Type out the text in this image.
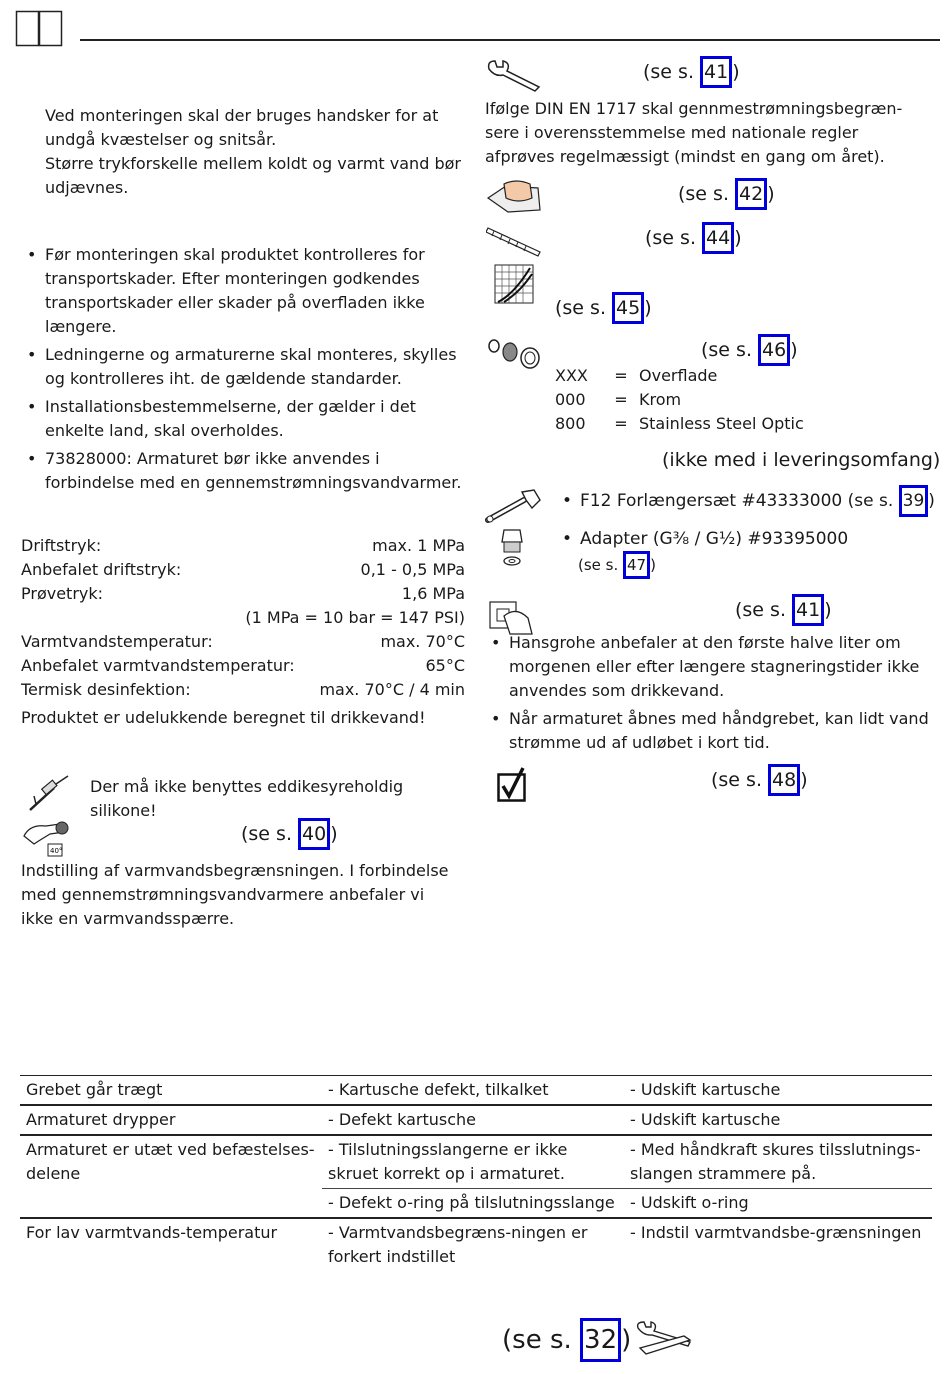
Ved monteringen skal der bruges handsker for at
undgå kvæstelser og snitsår.
Større trykforskelle mellem koldt og varmt vand bør
udjævnes.
• Før monteringen skal produktet kontrolleres for transportskader. Efter monteringen godkendes transportskader eller skader på overfladen ikke længere.
• Ledningerne og armaturerne skal monteres, skylles og kontrolleres iht. de gældende standarder.
• Installationsbestemmelserne, der gælder i det enkelte land, skal overholdes.
• 73828000: Armaturet bør ikke anvendes i forbindelse med en gennemstrømningsvandvarmer.
Driftstryk:	max. 1 MPa
Anbefalet driftstryk:	0,1 - 0,5 MPa
Prøvetryk:	1,6 MPa
(1 MPa = 10 bar = 147 PSI)
Varmtvandstemperatur:	max. 70°C
Anbefalet varmtvandstemperatur:	65°C
Termisk desinfektion:	max. 70°C / 4 min
Produktet er udelukkende beregnet til drikkevand!
Der må ikke benyttes eddikesyreholdig silikone!
40°
(se s. 40 )
Indstilling af varmvandsbegrænsningen. I forbindelse med gennemstrømningsvandvarmere anbefaler vi ikke en varmvandsspærre.
(se s. 41 )
Ifølge DIN EN 1717 skal gennmestrømningsbegræn-sere i overensstemmelse med nationale regler afprøves regelmæssigt (mindst en gang om året).
(se s. 42 )
(se s. 44 )
(se s. 45 )
(se s. 46 )
XXX	= Overflade
000	= Krom
800	= Stainless Steel Optic
(ikke med i leveringsomfang)
• F12 Forlængersæt #43333000 (se s. 39 )
• Adapter (G⅜ / G½) #93395000
(se s. 47 )
(se s. 41 )
• Hansgrohe anbefaler at den første halve liter om morgenen eller efter længere stagneringstider ikke anvendes som drikkevand.
• Når armaturet åbnes med håndgrebet, kan lidt vand strømme ud af udløbet i kort tid.
(se s. 48 )
Grebet går trægt	- Kartusche defekt, tilkalket	- Udskift kartusche
Armaturet drypper	- Defekt kartusche	- Udskift kartusche
Armaturet er utæt ved befæstelses-delene	- Tilslutningsslangerne er ikke skruet korrekt op i armaturet.	- Med håndkraft skures tilsslutnings-slangen strammere på.
	- Defekt o-ring på tilslutningsslange	- Udskift o-ring
For lav varmtvands-temperatur	- Varmtvandsbegræns-ningen er forkert indstillet	- Indstil varmtvandsbe-grænsningen
(se s. 32 )
